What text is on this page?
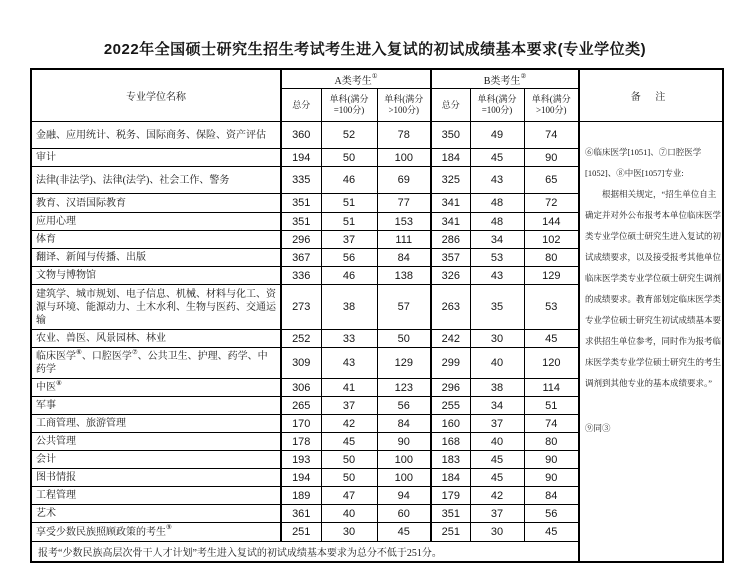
2022年全国硕士研究生招生考试考生进入复试的初试成绩基本要求(专业学位类)
专业学位名称	A类考生①			B类考生②			备 注
	总分	单科(满分=100分)	单科(满分>100分)	总分	单科(满分=100分)	单科(满分>100分)	
金融、应用统计、税务、国际商务、保险、资产评估	360	52	78	350	49	74	
⑥临床医学[1051]、⑦口腔医学
[1052]、⑧中医[1057]专业:
根据相关规定，“招生单位自主
确定并对外公布报考本单位临床医学
类专业学位硕士研究生进入复试的初
试成绩要求，以及接受报考其他单位
临床医学类专业学位硕士研究生调剂
的成绩要求。教育部划定临床医学类
专业学位硕士研究生初试成绩基本要
求供招生单位参考，同时作为报考临
床医学类专业学位硕士研究生的考生
调剂到其他专业的基本成绩要求。”
⑨同③

审计	194	50	100	184	45	90	
法律(非法学)、法律(法学)、社会工作、警务	335	46	69	325	43	65	
教育、汉语国际教育	351	51	77	341	48	72	
应用心理	351	51	153	341	48	144	
体育	296	37	111	286	34	102	
翻译、新闻与传播、出版	367	56	84	357	53	80	
文物与博物馆	336	46	138	326	43	129	
建筑学、城市规划、电子信息、机械、材料与化工、资源与环境、能源动力、土木水利、生物与医药、交通运输	273	38	57	263	35	53	
农业、兽医、风景园林、林业	252	33	50	242	30	45	
临床医学⑥、口腔医学⑦、公共卫生、护理、药学、中药学	309	43	129	299	40	120	
中医⑧	306	41	123	296	38	114	
军事	265	37	56	255	34	51	
工商管理、旅游管理	170	42	84	160	37	74	
公共管理	178	45	90	168	40	80	
会计	193	50	100	183	45	90	
图书情报	194	50	100	184	45	90	
工程管理	189	47	94	179	42	84	
艺术	361	40	60	351	37	56	
享受少数民族照顾政策的考生⑨	251	30	45	251	30	45	
报考“少数民族高层次骨干人才计划”考生进入复试的初试成绩基本要求为总分不低于251分。							
